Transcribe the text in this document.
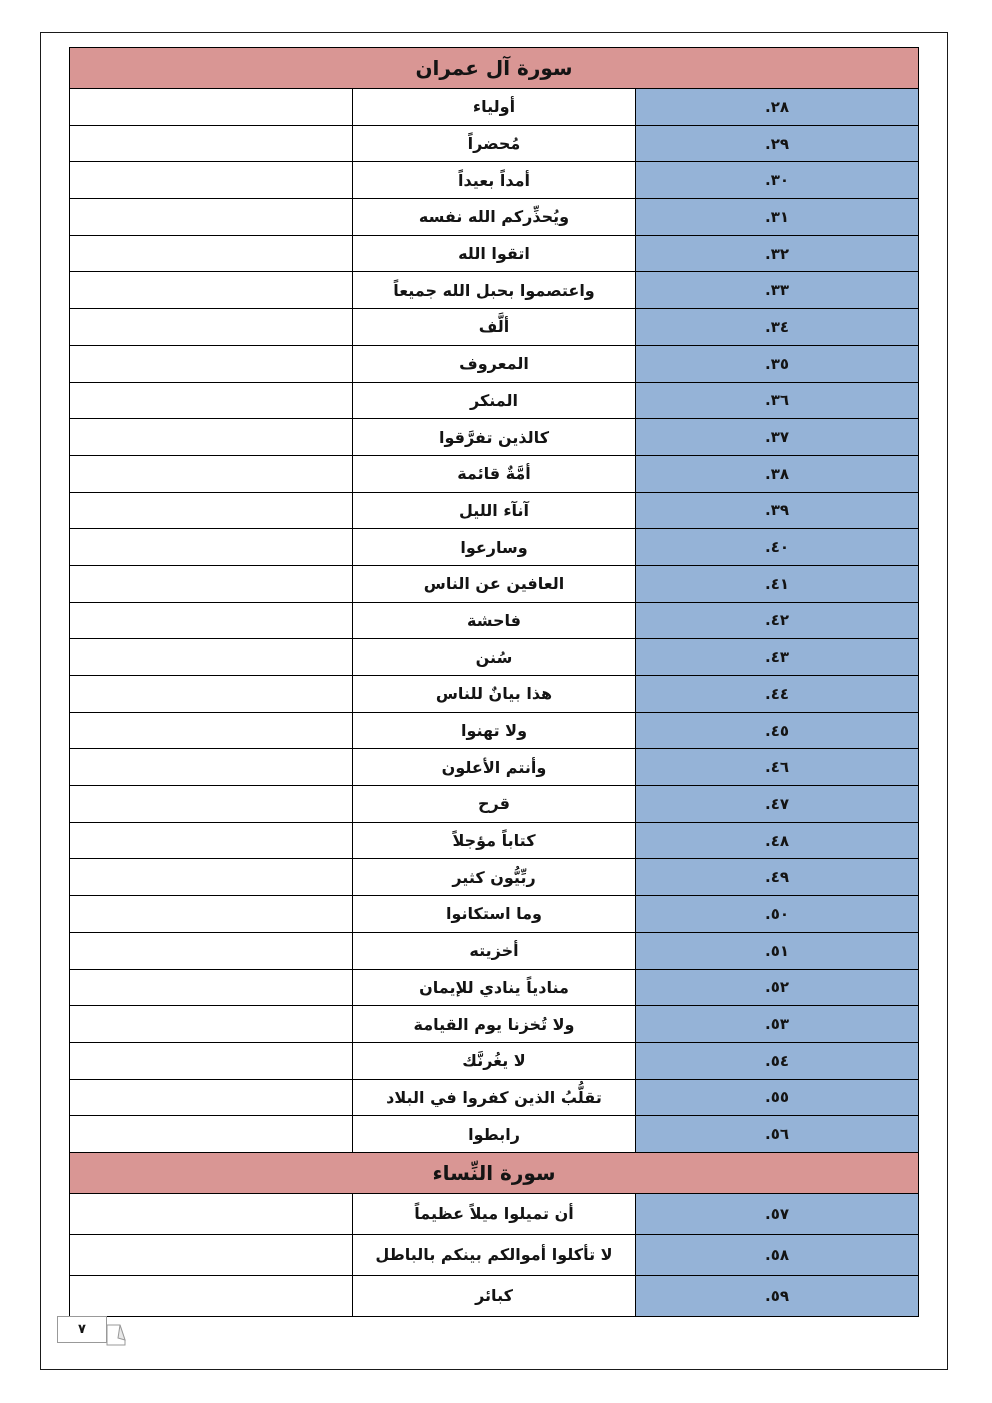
سورة آل عمران		
٢٨.	أولياء	
٢٩.	مُحضراً	
٣٠.	أمداً بعيداً	
٣١.	ويُحذِّركم الله نفسه	
٣٢.	اتقوا الله	
٣٣.	واعتصموا بحبل الله جميعاً	
٣٤.	ألَّف	
٣٥.	المعروف	
٣٦.	المنكر	
٣٧.	كالذين تفرَّقوا	
٣٨.	أمَّةٌ قائمة	
٣٩.	آنآء الليل	
٤٠.	وسارعوا	
٤١.	العافين عن الناس	
٤٢.	فاحشة	
٤٣.	سُنن	
٤٤.	هذا بيانٌ للناس	
٤٥.	ولا تهنوا	
٤٦.	وأنتم الأعلون	
٤٧.	قرح	
٤٨.	كتاباً مؤجلاً	
٤٩.	ربِّيُّون كثير	
٥٠.	وما استكانوا	
٥١.	أخزيته	
٥٢.	منادياً ينادي للإيمان	
٥٣.	ولا تُخزنا يوم القيامة	
٥٤.	لا يغُرنَّك	
٥٥.	تقلُّبُ الذين كفروا في البلاد	
٥٦.	رابطوا	
سورة النِّساء		
٥٧.	أن تميلوا ميلاً عظيماً	
٥٨.	لا تأكلوا أموالكم بينكم بالباطل	
٥٩.	كبائر	
٧
